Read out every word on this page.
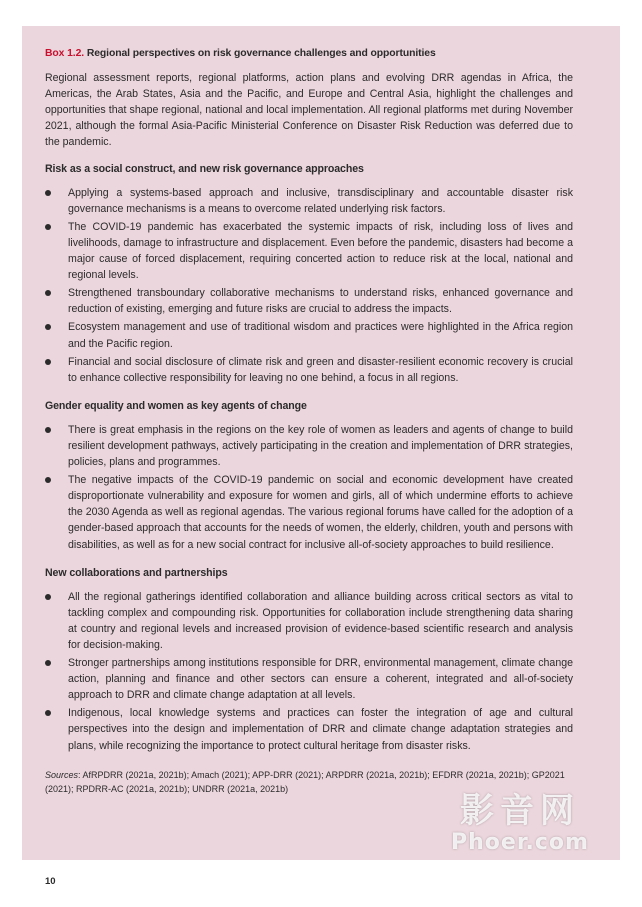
Box 1.2. Regional perspectives on risk governance challenges and opportunities

Regional assessment reports, regional platforms, action plans and evolving DRR agendas in Africa, the Americas, the Arab States, Asia and the Pacific, and Europe and Central Asia, highlight the challenges and opportunities that shape regional, national and local implementation. All regional platforms met during November 2021, although the formal Asia-Pacific Ministerial Conference on Disaster Risk Reduction was deferred due to the pandemic.

Risk as a social construct, and new risk governance approaches
Applying a systems-based approach and inclusive, transdisciplinary and accountable disaster risk governance mechanisms is a means to overcome related underlying risk factors.
The COVID-19 pandemic has exacerbated the systemic impacts of risk, including loss of lives and livelihoods, damage to infrastructure and displacement. Even before the pandemic, disasters had become a major cause of forced displacement, requiring concerted action to reduce risk at the local, national and regional levels.
Strengthened transboundary collaborative mechanisms to understand risks, enhanced governance and reduction of existing, emerging and future risks are crucial to address the impacts.
Ecosystem management and use of traditional wisdom and practices were highlighted in the Africa region and the Pacific region.
Financial and social disclosure of climate risk and green and disaster-resilient economic recovery is crucial to enhance collective responsibility for leaving no one behind, a focus in all regions.
Gender equality and women as key agents of change
There is great emphasis in the regions on the key role of women as leaders and agents of change to build resilient development pathways, actively participating in the creation and implementation of DRR strategies, policies, plans and programmes.
The negative impacts of the COVID-19 pandemic on social and economic development have created disproportionate vulnerability and exposure for women and girls, all of which undermine efforts to achieve the 2030 Agenda as well as regional agendas. The various regional forums have called for the adoption of a gender-based approach that accounts for the needs of women, the elderly, children, youth and persons with disabilities, as well as for a new social contract for inclusive all-of-society approaches to build resilience.
New collaborations and partnerships
All the regional gatherings identified collaboration and alliance building across critical sectors as vital to tackling complex and compounding risk. Opportunities for collaboration include strengthening data sharing at country and regional levels and increased provision of evidence-based scientific research and analysis for decision-making.
Stronger partnerships among institutions responsible for DRR, environmental management, climate change action, planning and finance and other sectors can ensure a coherent, integrated and all-of-society approach to DRR and climate change adaptation at all levels.
Indigenous, local knowledge systems and practices can foster the integration of age and cultural perspectives into the design and implementation of DRR and climate change adaptation strategies and plans, while recognizing the importance to protect cultural heritage from disaster risks.
Sources: AfRPDRR (2021a, 2021b); Amach (2021); APP-DRR (2021); ARPDRR (2021a, 2021b); EFDRR (2021a, 2021b); GP2021 (2021); RPDRR-AC (2021a, 2021b); UNDRR (2021a, 2021b)
10
影音网
Phoer.com
